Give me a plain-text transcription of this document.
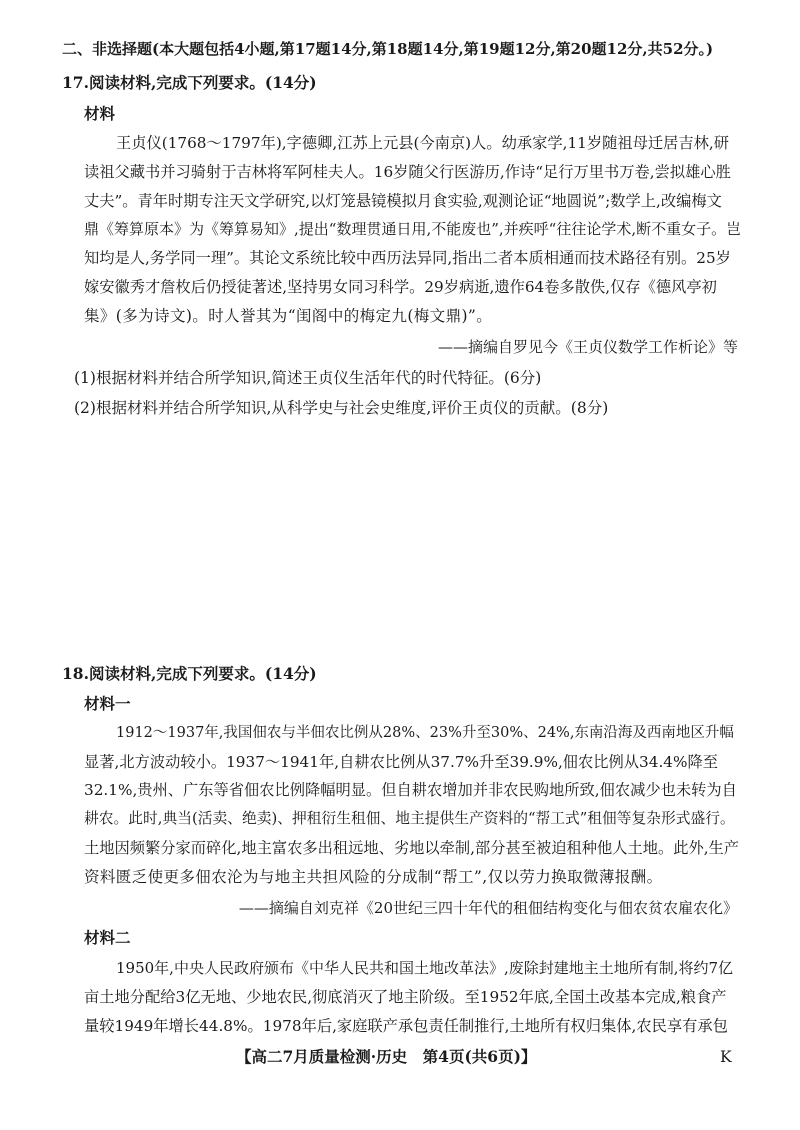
二、非选择题(本大题包括4小题,第17题14分,第18题14分,第19题12分,第20题12分,共52分。)
17.阅读材料,完成下列要求。(14分)
材料
王贞仪(1768～1797年),字德卿,江苏上元县(今南京)人。幼承家学,11岁随祖母迁居吉林,研
读祖父藏书并习骑射于吉林将军阿桂夫人。16岁随父行医游历,作诗“足行万里书万卷,尝拟雄心胜
丈夫”。青年时期专注天文学研究,以灯笼悬镜模拟月食实验,观测论证“地圆说”;数学上,改编梅文
鼎《筹算原本》为《筹算易知》,提出“数理贯通日用,不能废也”,并疾呼“往往论学术,断不重女子。岂
知均是人,务学同一理”。其论文系统比较中西历法异同,指出二者本质相通而技术路径有别。25岁
嫁安徽秀才詹枚后仍授徒著述,坚持男女同习科学。29岁病逝,遗作64卷多散佚,仅存《德风亭初
集》(多为诗文)。时人誉其为“闺阁中的梅定九(梅文鼎)”。
——摘编自罗见今《王贞仪数学工作析论》等
(1)根据材料并结合所学知识,简述王贞仪生活年代的时代特征。(6分)
(2)根据材料并结合所学知识,从科学史与社会史维度,评价王贞仪的贡献。(8分)
18.阅读材料,完成下列要求。(14分)
材料一
1912～1937年,我国佃农与半佃农比例从28%、23%升至30%、24%,东南沿海及西南地区升幅
显著,北方波动较小。1937～1941年,自耕农比例从37.7%升至39.9%,佃农比例从34.4%降至
32.1%,贵州、广东等省佃农比例降幅明显。但自耕农增加并非农民购地所致,佃农减少也未转为自
耕农。此时,典当(活卖、绝卖)、押租衍生租佃、地主提供生产资料的“帮工式”租佃等复杂形式盛行。
土地因频繁分家而碎化,地主富农多出租远地、劣地以牵制,部分甚至被迫租种他人土地。此外,生产
资料匮乏使更多佃农沦为与地主共担风险的分成制“帮工”,仅以劳力换取微薄报酬。
——摘编自刘克祥《20世纪三四十年代的租佃结构变化与佃农贫农雇农化》
材料二
1950年,中央人民政府颁布《中华人民共和国土地改革法》,废除封建地主土地所有制,将约7亿
亩土地分配给3亿无地、少地农民,彻底消灭了地主阶级。至1952年底,全国土改基本完成,粮食产
量较1949年增长44.8%。1978年后,家庭联产承包责任制推行,土地所有权归集体,农民享有承包
【高二7月质量检测·历史　第4页(共6页)】	K
